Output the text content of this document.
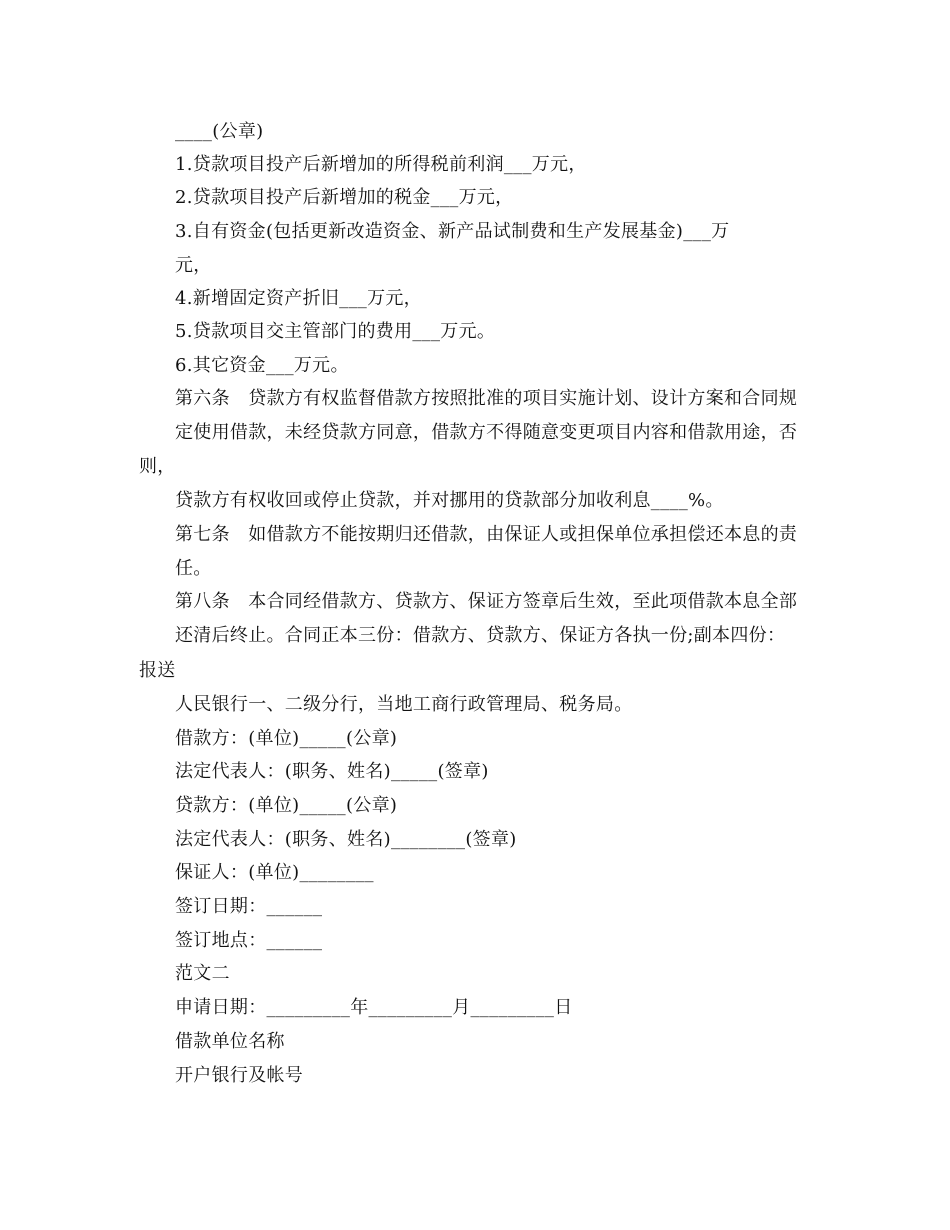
____(公章)
1.贷款项目投产后新增加的所得税前利润___万元，
2.贷款项目投产后新增加的税金___万元，
3.自有资金(包括更新改造资金、新产品试制费和生产发展基金)___万
元，
4.新增固定资产折旧___万元，
5.贷款项目交主管部门的费用___万元。
6.其它资金___万元。
第六条　贷款方有权监督借款方按照批准的项目实施计划、设计方案和合同规
定使用借款，未经贷款方同意，借款方不得随意变更项目内容和借款用途，否
则，
贷款方有权收回或停止贷款，并对挪用的贷款部分加收利息____%。
第七条　如借款方不能按期归还借款，由保证人或担保单位承担偿还本息的责
任。
第八条　本合同经借款方、贷款方、保证方签章后生效，至此项借款本息全部
还清后终止。合同正本三份：借款方、贷款方、保证方各执一份;副本四份：
报送
人民银行一、二级分行，当地工商行政管理局、税务局。
借款方：(单位)_____(公章)
法定代表人：(职务、姓名)_____(签章)
贷款方：(单位)_____(公章)
法定代表人：(职务、姓名)________(签章)
保证人：(单位)________
签订日期：______
签订地点：______
范文二
申请日期：_________年_________月_________日
借款单位名称
开户银行及帐号
